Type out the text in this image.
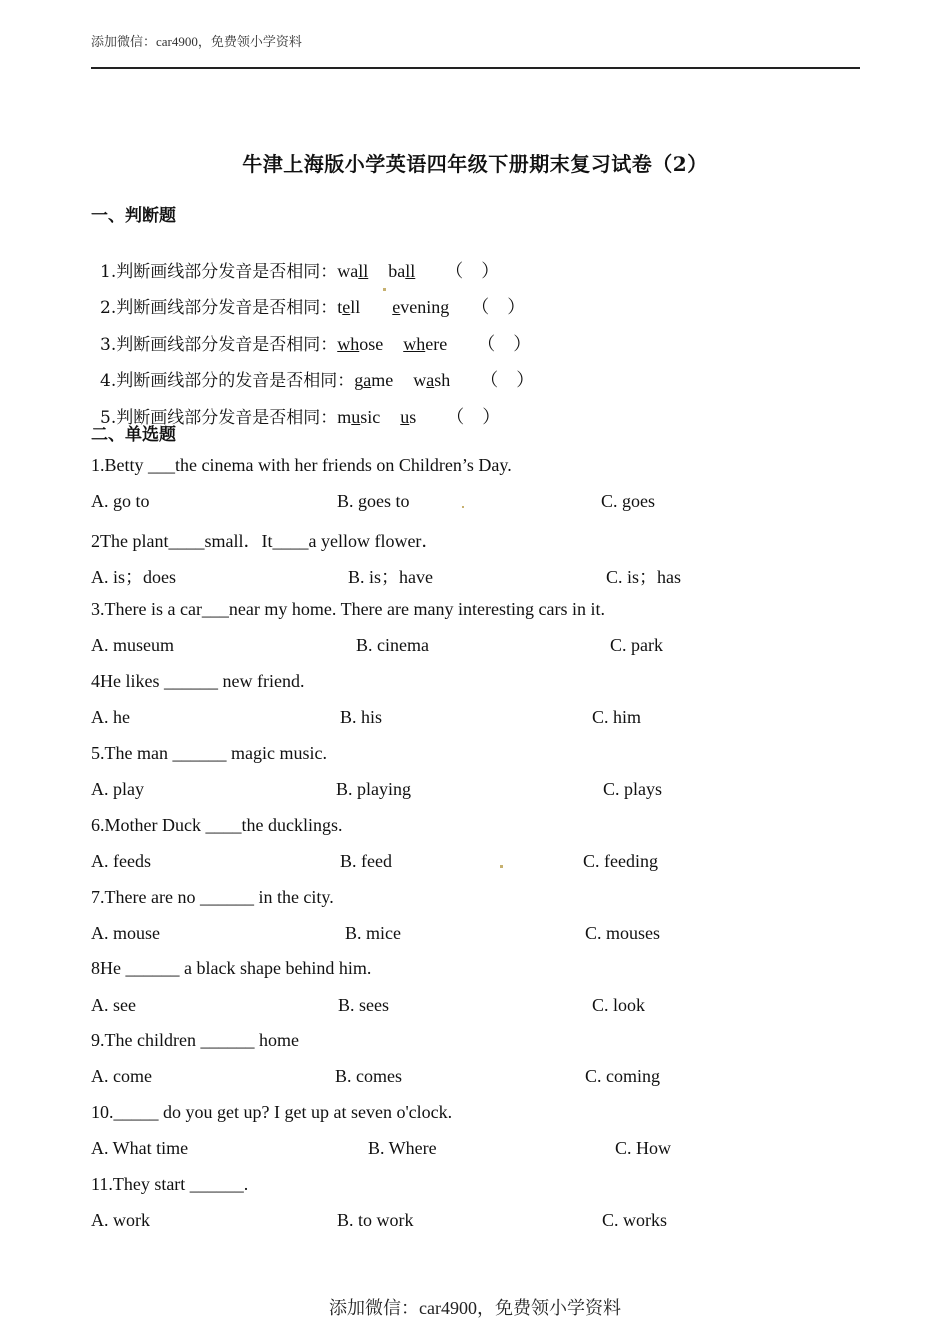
添加微信：car4900，免费领小学资料
牛津上海版小学英语四年级下册期末复习试卷（2）
一、判断题

1.判断画线部分发音是否相同：wall ball （    ）

2.判断画线部分发音是否相同：tell evening （    ）

3.判断画线部分发音是否相同：whose where （    ）

4.判断画线部分的发音是否相同：game wash （    ）

5.判断画线部分发音是否相同：music us （    ）

二、单选题
1.Betty ___the cinema with her friends on Children’s Day.
A. go to	B. goes to	C. goes
2The plant____small．It____a yellow flower．
A. is；does	B. is；have	C. is；has
3.There is a car___near my home. There are many interesting cars in it.
A. museum	B. cinema	C. park
4He likes ______ new friend.
A. he	B. his	C. him
5.The man ______ magic music.
A. play	B. playing	C. plays
6.Mother Duck ____the ducklings.
A. feeds	B. feed	C. feeding
7.There are no ______ in the city.
A. mouse	B. mice	C. mouses
8He ______ a black shape behind him.
A. see	B. sees	C. look
9.The children ______ home
A. come	B. comes	C. coming
10._____ do you get up? I get up at seven o'clock.
A. What time	B. Where	C. How
11.They start ______.
A. work	B. to work	C. works
添加微信：car4900，免费领小学资料
